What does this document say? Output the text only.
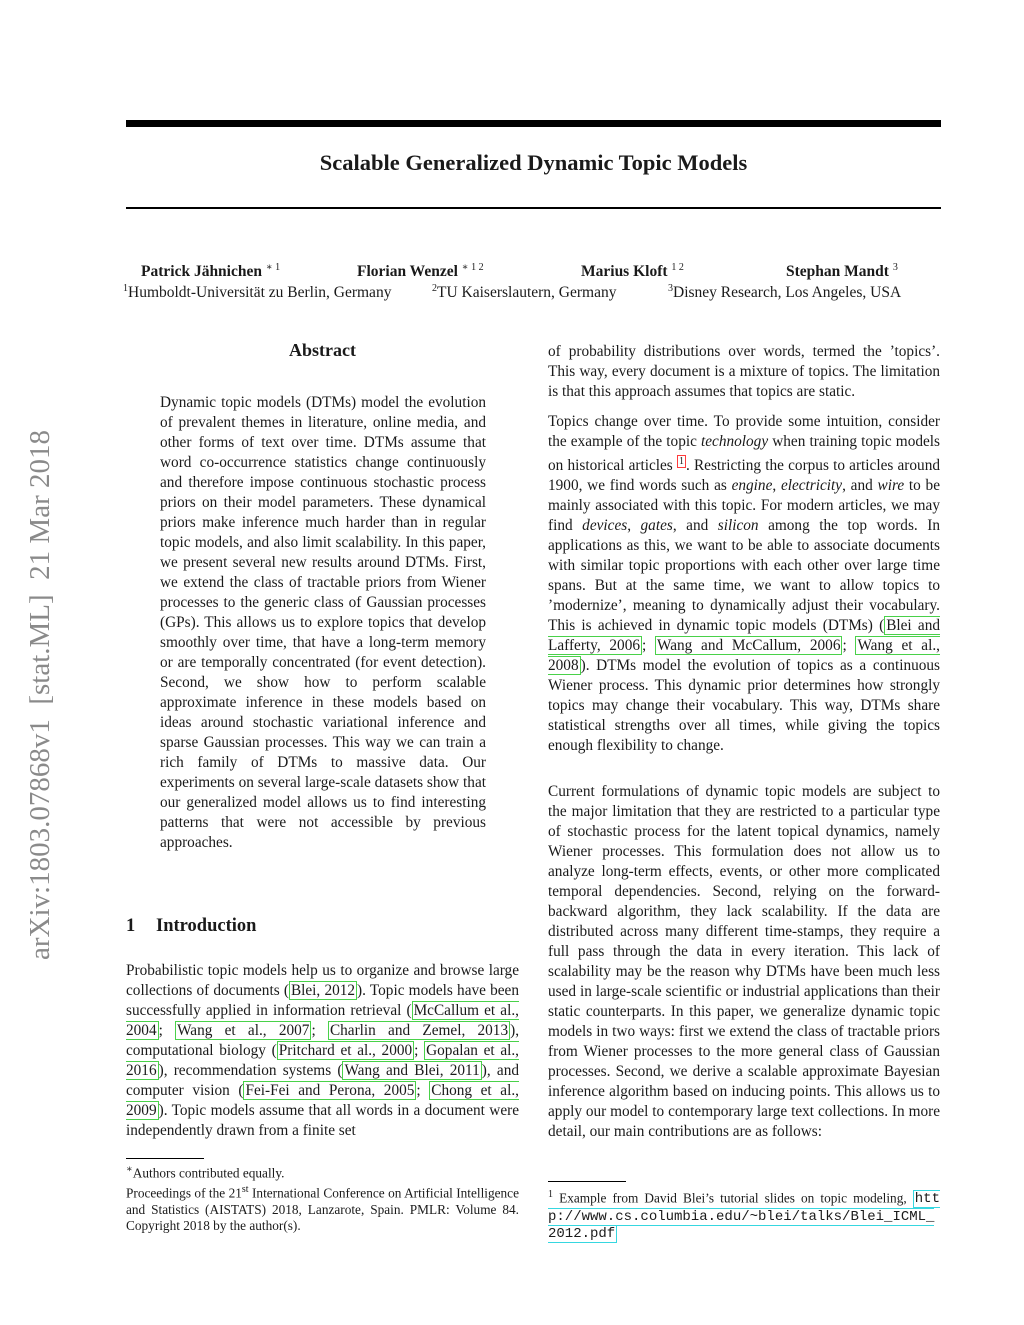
Scalable Generalized Dynamic Topic Models
Patrick Jähnichen $^{∗ 1}$	Florian Wenzel $^{∗ 1 2}$	Marius Kloft $^{1 2}$	Stephan Mandt $^3$
$^1$Humboldt-Universität zu Berlin, Germany	$^2$TU Kaiserslautern, Germany	$^3$Disney Research, Los Angeles, USA
arXiv:1803.07868v1  [stat.ML]  21 Mar 2018
Abstract

Dynamic topic models (DTMs) model the evolution of prevalent themes in literature, online media, and other forms of text over time. DTMs assume that word co-occurrence statistics change continuously and therefore impose continuous stochastic process priors on their model parameters. These dynamical priors make inference much harder than in regular topic models, and also limit scalability. In this paper, we present several new results around DTMs. First, we extend the class of tractable priors from Wiener processes to the generic class of Gaussian processes (GPs). This allows us to explore topics that develop smoothly over time, that have a long-term memory or are temporally concentrated (for event detection). Second, we show how to perform scalable approximate inference in these models based on ideas around stochastic variational inference and sparse Gaussian processes. This way we can train a rich family of DTMs to massive data. Our experiments on several large-scale datasets show that our generalized model allows us to find interesting patterns that were not accessible by previous approaches.

1 Introduction

Probabilistic topic models help us to organize and browse large collections of documents ( Blei, 2012 ). Topic models have been successfully applied in information retrieval ( McCallum et al., 2004 ; Wang et al., 2007 ; Charlin and Zemel, 2013 ), computational biology ( Pritchard et al., 2000 ; Gopalan et al., 2016 ), recommendation systems ( Wang and Blei, 2011 ), and computer vision ( Fei-Fei and Perona, 2005 ; Chong et al., 2009 ). Topic models assume that all words in a document were independently drawn from a finite set

∗Authors contributed equally.

Proceedings of the 21st International Conference on Artificial Intelligence and Statistics (AISTATS) 2018, Lanzarote, Spain. PMLR: Volume 84. Copyright 2018 by the author(s).

of probability distributions over words, termed the ’topics’. This way, every document is a mixture of topics. The limitation is that this approach assumes that topics are static.

Topics change over time. To provide some intuition, consider the example of the topic technology when training topic models on historical articles $^1$ . Restricting the corpus to articles around 1900, we find words such as engine, electricity, and wire to be mainly associated with this topic. For modern articles, we may find devices, gates, and silicon among the top words. In applications as this, we want to be able to associate documents with similar topic proportions with each other over large time spans. But at the same time, we want to allow topics to ’modernize’, meaning to dynamically adjust their vocabulary. This is achieved in dynamic topic models (DTMs) ( Blei and Lafferty, 2006 ; Wang and McCallum, 2006 ; Wang et al., 2008 ). DTMs model the evolution of topics as a continuous Wiener process. This dynamic prior determines how strongly topics may change their vocabulary. This way, DTMs share statistical strengths over all times, while giving the topics enough flexibility to change.

Current formulations of dynamic topic models are subject to the major limitation that they are restricted to a particular type of stochastic process for the latent topical dynamics, namely Wiener processes. This formulation does not allow us to analyze long-term effects, events, or other more complicated temporal dependencies. Second, relying on the forward-backward algorithm, they lack scalability. If the data are distributed across many different time-stamps, they require a full pass through the data in every iteration. This lack of scalability may be the reason why DTMs have been much less used in large-scale scientific or industrial applications than their static counterparts. In this paper, we generalize dynamic topic models in two ways: first we extend the class of tractable priors from Wiener processes to the more general class of Gaussian processes. Second, we derive a scalable approximate Bayesian inference algorithm based on inducing points. This allows us to apply our model to contemporary large text collections. In more detail, our main contributions are as follows:

$^1$ Example from David Blei’s tutorial slides on topic modeling, http://www.cs.columbia.edu/~blei/talks/Blei_ICML_2012.pdf
